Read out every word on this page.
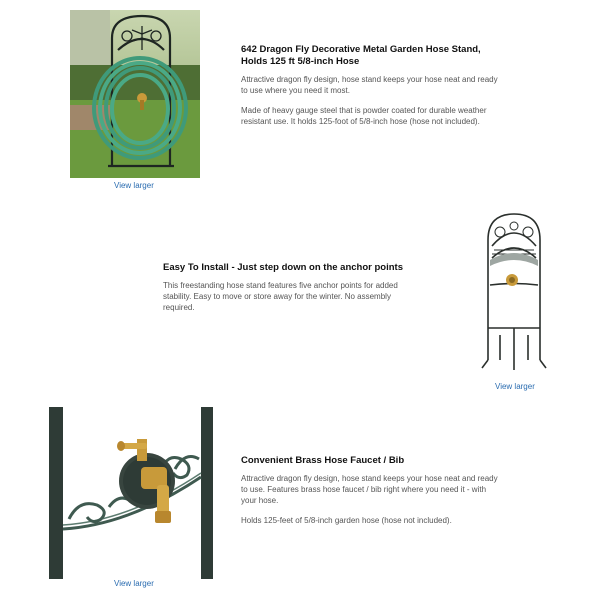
View larger

642 Dragon Fly Decorative Metal Garden Hose Stand, Holds 125 ft 5/8-inch Hose

Attractive dragon fly design, hose stand keeps your hose neat and ready to use where you need it most.

Made of heavy gauge steel that is powder coated for durable weather resistant use. It holds 125-foot of 5/8-inch hose (hose not included).

Easy To Install - Just step down on the anchor points

This freestanding hose stand features five anchor points for added stability. Easy to move or store away for the winter. No assembly required.

View larger
View larger

Convenient Brass Hose Faucet / Bib

Attractive dragon fly design, hose stand keeps your hose neat and ready to use. Features brass hose faucet / bib right where you need it - with your hose.

Holds 125-feet of 5/8-inch garden hose (hose not included).
